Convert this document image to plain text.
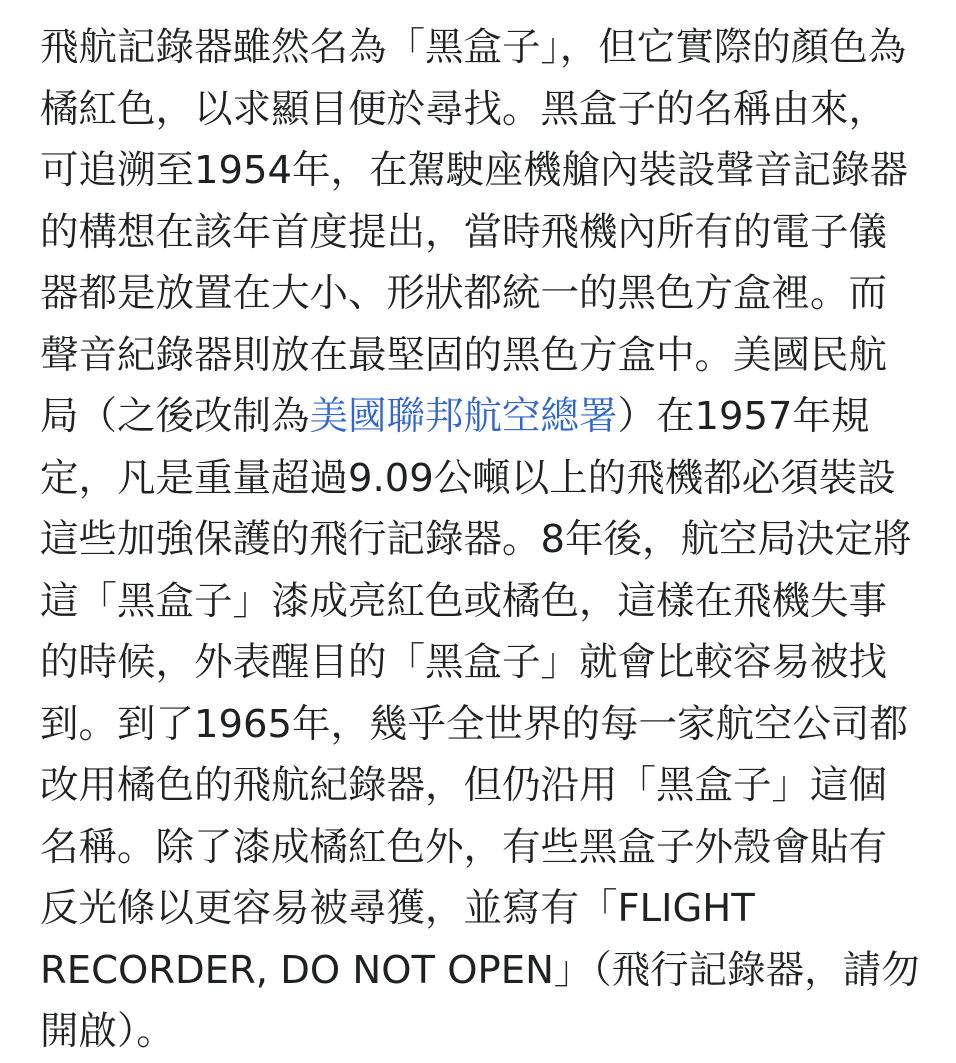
飛航記錄器雖然名為「黑盒子」，但它實際的顏色為橘紅色，以求顯目便於尋找。黑盒子的名稱由來，可追溯至1954年，在駕駛座機艙內裝設聲音記錄器的構想在該年首度提出，當時飛機內所有的電子儀器都是放置在大小、形狀都統一的黑色方盒裡。而聲音紀錄器則放在最堅固的黑色方盒中。美國民航局（之後改制為美國聯邦航空總署）在1957年規定，凡是重量超過9.09公噸以上的飛機都必須裝設這些加強保護的飛行記錄器。8年後，航空局決定將這「黑盒子」漆成亮紅色或橘色，這樣在飛機失事的時候，外表醒目的「黑盒子」就會比較容易被找到。到了1965年，幾乎全世界的每一家航空公司都改用橘色的飛航紀錄器，但仍沿用「黑盒子」這個名稱。除了漆成橘紅色外，有些黑盒子外殼會貼有反光條以更容易被尋獲，並寫有「FLIGHT RECORDER, DO NOT OPEN」（飛行記錄器，請勿開啟）。
